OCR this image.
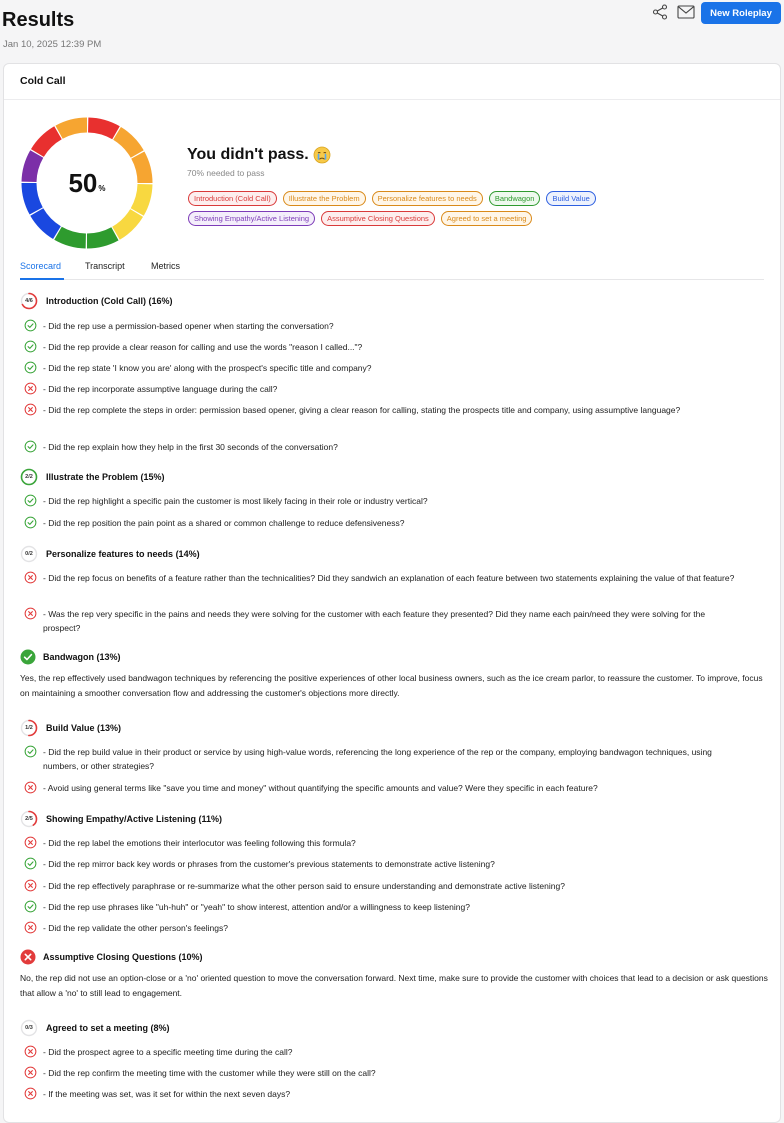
Results
Jan 10, 2025 12:39 PM
New Roleplay
Cold Call
50 %
You didn't pass.
70% needed to pass
Introduction (Cold Call)	Illustrate the Problem	Personalize features to needs	Bandwagon	Build Value
Showing Empathy/Active Listening	Assumptive Closing Questions	Agreed to set a meeting
Scorecard	Transcript	Metrics
4/6	Introduction (Cold Call)
(16%)
- Did the rep use a permission-based opener when starting the conversation?
- Did the rep provide a clear reason for calling and use the words "reason I called..."?
- Did the rep state 'I know you are' along with the prospect's specific title and company?
- Did the rep incorporate assumptive language during the call?
- Did the rep complete the steps in order: permission based opener, giving a clear reason for calling, stating the prospects title and company, using assumptive language?
- Did the rep explain how they help in the first 30 seconds of the conversation?
2/2	Illustrate the Problem
(15%)
- Did the rep highlight a specific pain the customer is most likely facing in their role or industry vertical?
- Did the rep position the pain point as a shared or common challenge to reduce defensiveness?
0/2	Personalize features to needs
(14%)
- Did the rep focus on benefits of a feature rather than the technicalities? Did they sandwich an explanation of each feature between two statements explaining the value of that feature?
- Was the rep very specific in the pains and needs they were solving for the customer with each feature they presented? Did they name each pain/need they were solving for the prospect?
Bandwagon
(13%)
Yes, the rep effectively used bandwagon techniques by referencing the positive experiences of other local business owners, such as the ice cream parlor, to reassure the customer. To improve, focus on maintaining a smoother conversation flow and addressing the customer's objections more directly.
1/2	Build Value
(13%)
- Did the rep build value in their product or service by using high-value words, referencing the long experience of the rep or the company, employing bandwagon techniques, using numbers, or other strategies?
- Avoid using general terms like "save you time and money" without quantifying the specific amounts and value? Were they specific in each feature?
2/5	Showing Empathy/Active Listening
(11%)
- Did the rep label the emotions their interlocutor was feeling following this formula?
- Did the rep mirror back key words or phrases from the customer's previous statements to demonstrate active listening?
- Did the rep effectively paraphrase or re-summarize what the other person said to ensure understanding and demonstrate active listening?
- Did the rep use phrases like "uh-huh" or "yeah" to show interest, attention and/or a willingness to keep listening?
- Did the rep validate the other person's feelings?
Assumptive Closing Questions
(10%)
No, the rep did not use an option-close or a 'no' oriented question to move the conversation forward. Next time, make sure to provide the customer with choices that lead to a decision or ask questions that allow a 'no' to still lead to engagement.
0/3	Agreed to set a meeting
(8%)
- Did the prospect agree to a specific meeting time during the call?
- Did the rep confirm the meeting time with the customer while they were still on the call?
- If the meeting was set, was it set for within the next seven days?
